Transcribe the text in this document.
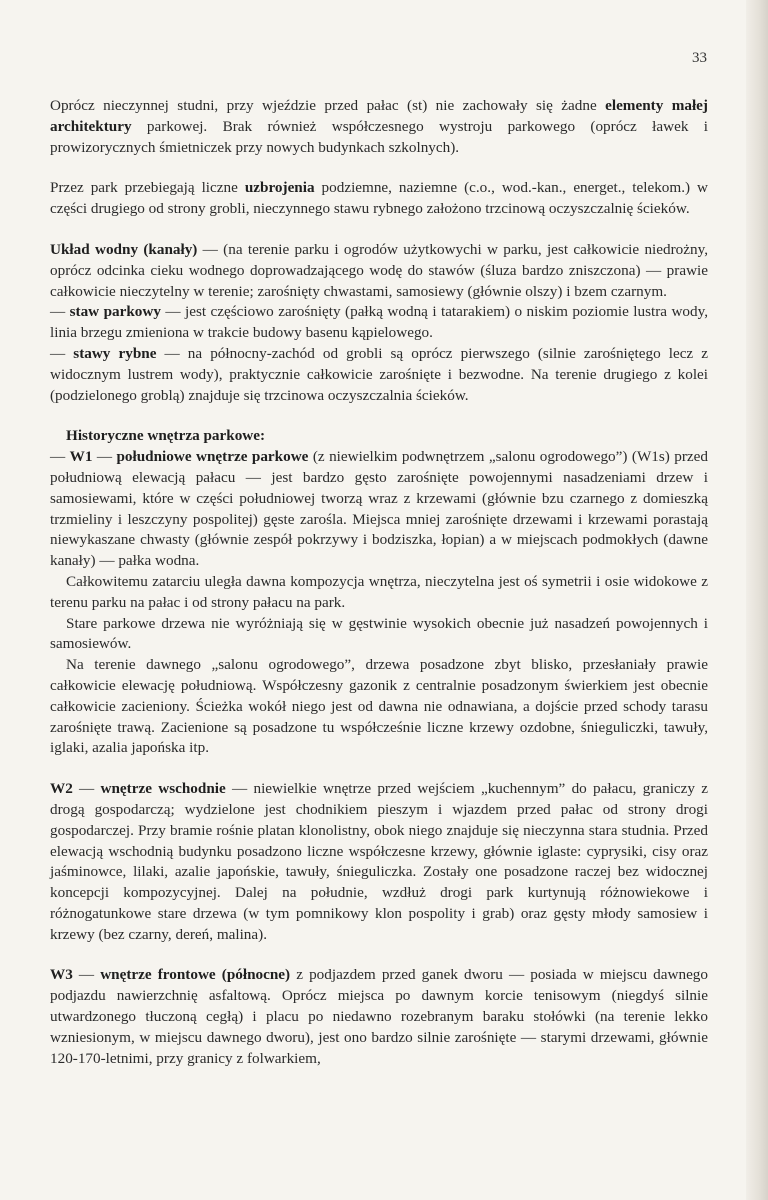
33

Oprócz nieczynnej studni, przy wjeździe przed pałac (st) nie zachowały się żadne elementy małej architektury parkowej. Brak również współczesnego wystroju parkowego (oprócz ławek i prowizorycznych śmietniczek przy nowych budynkach szkolnych).

Przez park przebiegają liczne uzbrojenia podziemne, naziemne (c.o., wod.-kan., energet., telekom.) w części drugiego od strony grobli, nieczynnego stawu rybnego założono trzcinową oczyszczalnię ścieków.

Układ wodny (kanały) — (na terenie parku i ogrodów użytkowychi w parku, jest całkowicie niedrożny, oprócz odcinka cieku wodnego doprowadzającego wodę do stawów (śluza bardzo zniszczona) — prawie całkowicie nieczytelny w terenie; zarośnięty chwastami, samosiewy (głównie olszy) i bzem czarnym.

— staw parkowy — jest częściowo zarośnięty (pałką wodną i tatarakiem) o niskim poziomie lustra wody, linia brzegu zmieniona w trakcie budowy basenu kąpielowego.

— stawy rybne — na północny-zachód od grobli są oprócz pierwszego (silnie zarośniętego lecz z widocznym lustrem wody), praktycznie całkowicie zarośnięte i bezwodne. Na terenie drugiego z kolei (podzielonego groblą) znajduje się trzcinowa oczyszczalnia ścieków.

Historyczne wnętrza parkowe:

— W1 — południowe wnętrze parkowe (z niewielkim podwnętrzem „salonu ogrodowego”) (W1s) przed południową elewacją pałacu — jest bardzo gęsto zarośnięte powojennymi nasadzeniami drzew i samosiewami, które w części południowej tworzą wraz z krzewami (głównie bzu czarnego z domieszką trzmieliny i leszczyny pospolitej) gęste zarośla. Miejsca mniej zarośnięte drzewami i krzewami porastają niewykaszane chwasty (głównie zespół pokrzywy i bodziszka, łopian) a w miejscach podmokłych (dawne kanały) — pałka wodna.

Całkowitemu zatarciu uległa dawna kompozycja wnętrza, nieczytelna jest oś symetrii i osie widokowe z terenu parku na pałac i od strony pałacu na park.

Stare parkowe drzewa nie wyróżniają się w gęstwinie wysokich obecnie już nasadzeń powojennych i samosiewów.

Na terenie dawnego „salonu ogrodowego”, drzewa posadzone zbyt blisko, przesłaniały prawie całkowicie elewację południową. Współczesny gazonik z centralnie posadzonym świerkiem jest obecnie całkowicie zacieniony. Ścieżka wokół niego jest od dawna nie odnawiana, a dojście przed schody tarasu zarośnięte trawą. Zacienione są posadzone tu współcześnie liczne krzewy ozdobne, śnieguliczki, tawuły, iglaki, azalia japońska itp.

W2 — wnętrze wschodnie — niewielkie wnętrze przed wejściem „kuchennym” do pałacu, graniczy z drogą gospodarczą; wydzielone jest chodnikiem pieszym i wjazdem przed pałac od strony drogi gospodarczej. Przy bramie rośnie platan klonolistny, obok niego znajduje się nieczynna stara studnia. Przed elewacją wschodnią budynku posadzono liczne współczesne krzewy, głównie iglaste: cyprysiki, cisy oraz jaśminowce, lilaki, azalie japońskie, tawuły, śnieguliczka. Zostały one posadzone raczej bez widocznej koncepcji kompozycyjnej. Dalej na południe, wzdłuż drogi park kurtynują różnowiekowe i różnogatunkowe stare drzewa (w tym pomnikowy klon pospolity i grab) oraz gęsty młody samosiew i krzewy (bez czarny, dereń, malina).

W3 — wnętrze frontowe (północne) z podjazdem przed ganek dworu — posiada w miejscu dawnego podjazdu nawierzchnię asfaltową. Oprócz miejsca po dawnym korcie tenisowym (niegdyś silnie utwardzonego tłuczoną cegłą) i placu po niedawno rozebranym baraku stołówki (na terenie lekko wzniesionym, w miejscu dawnego dworu), jest ono bardzo silnie zarośnięte — starymi drzewami, głównie 120-170-letnimi, przy granicy z folwarkiem,
